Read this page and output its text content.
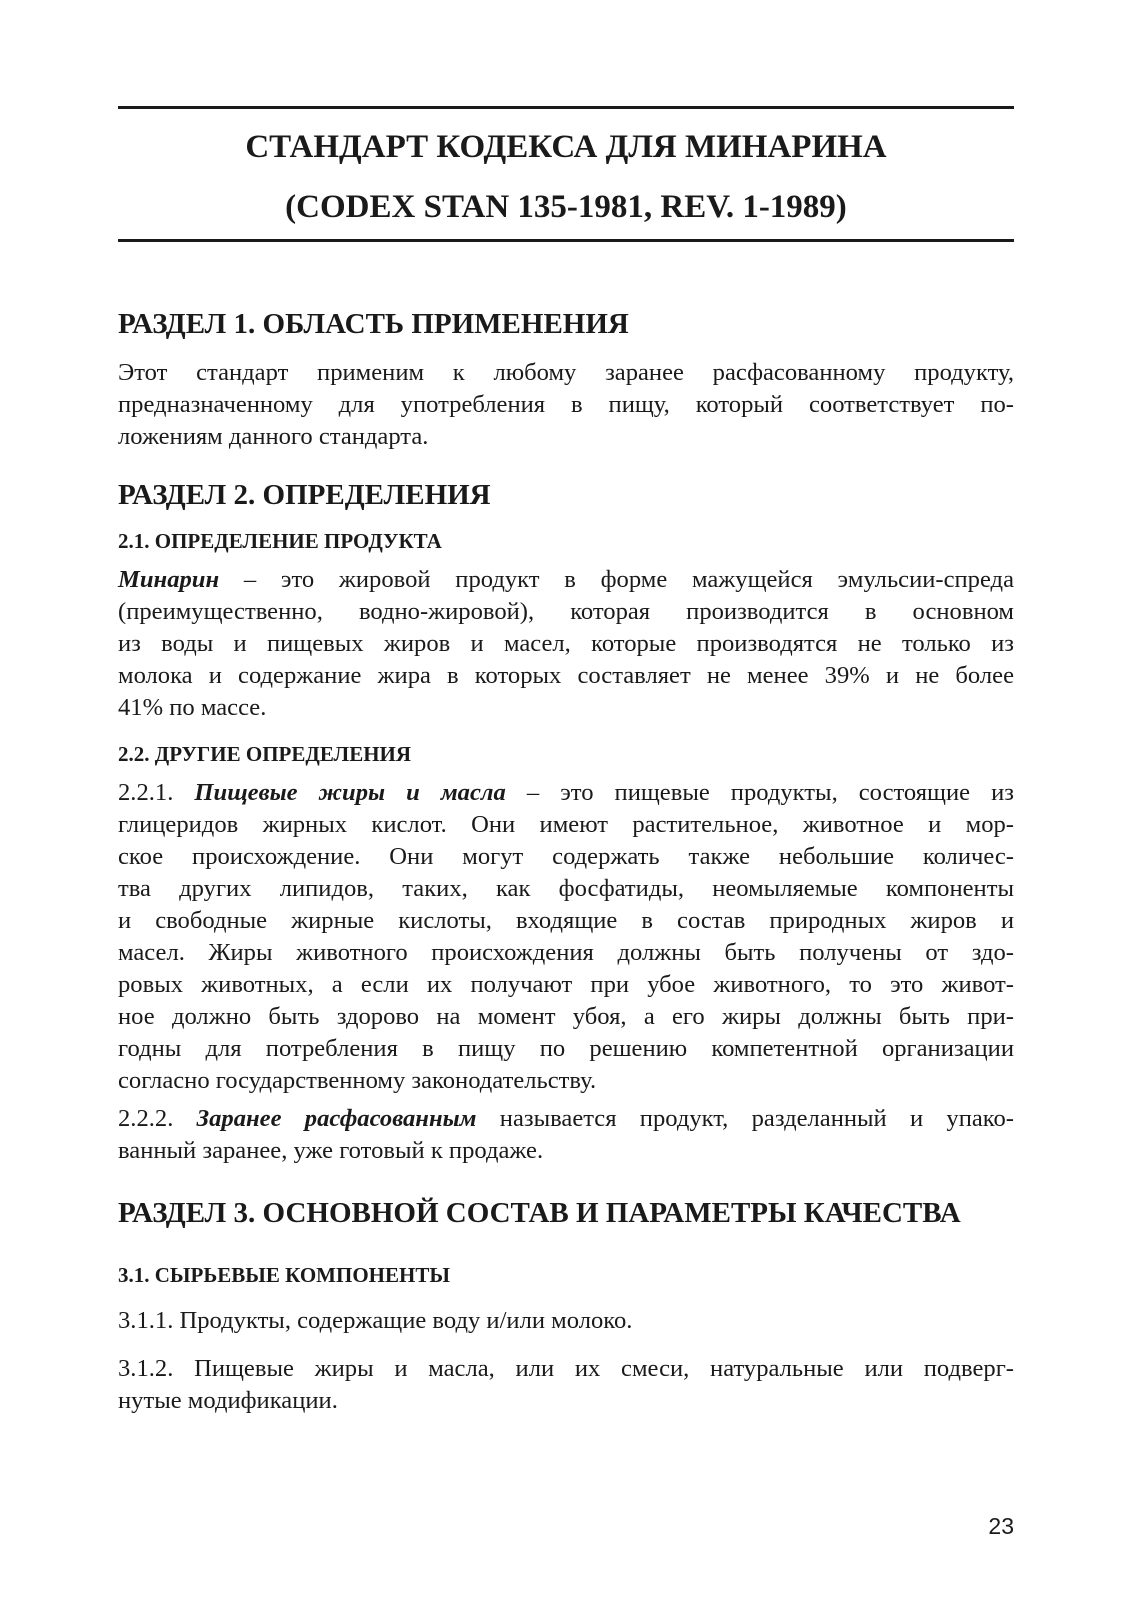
СТАНДАРТ КОДЕКСА ДЛЯ МИНАРИНА
(CODEX STAN 135-1981, REV. 1-1989)
РАЗДЕЛ 1. ОБЛАСТЬ ПРИМЕНЕНИЯ
Этот стандарт применим к любому заранее расфасованному продукту,
предназначенному для употребления в пищу, который соответствует по-
ложениям данного стандарта.
РАЗДЕЛ 2. ОПРЕДЕЛЕНИЯ
2.1. ОПРЕДЕЛЕНИЕ ПРОДУКТА
Минарин – это жировой продукт в форме мажущейся эмульсии-спреда
(преимущественно, водно-жировой), которая производится в основном
из воды и пищевых жиров и масел, которые производятся не только из
молока и содержание жира в которых составляет не менее 39% и не более
41% по массе.
2.2. ДРУГИЕ ОПРЕДЕЛЕНИЯ
2.2.1. Пищевые жиры и масла – это пищевые продукты, состоящие из
глицеридов жирных кислот. Они имеют растительное, животное и мор-
ское происхождение. Они могут содержать также небольшие количес-
тва других липидов, таких, как фосфатиды, неомыляемые компоненты
и свободные жирные кислоты, входящие в состав природных жиров и
масел. Жиры животного происхождения должны быть получены от здо-
ровых животных, а если их получают при убое животного, то это живот-
ное должно быть здорово на момент убоя, а его жиры должны быть при-
годны для потребления в пищу по решению компетентной организации
согласно государственному законодательству.
2.2.2. Заранее расфасованным называется продукт, разделанный и упако-
ванный заранее, уже готовый к продаже.
РАЗДЕЛ 3. ОСНОВНОЙ СОСТАВ И ПАРАМЕТРЫ КАЧЕСТВА
3.1. СЫРЬЕВЫЕ КОМПОНЕНТЫ
3.1.1. Продукты, содержащие воду и/или молоко.
3.1.2. Пищевые жиры и масла, или их смеси, натуральные или подверг-
нутые модификации.
23
